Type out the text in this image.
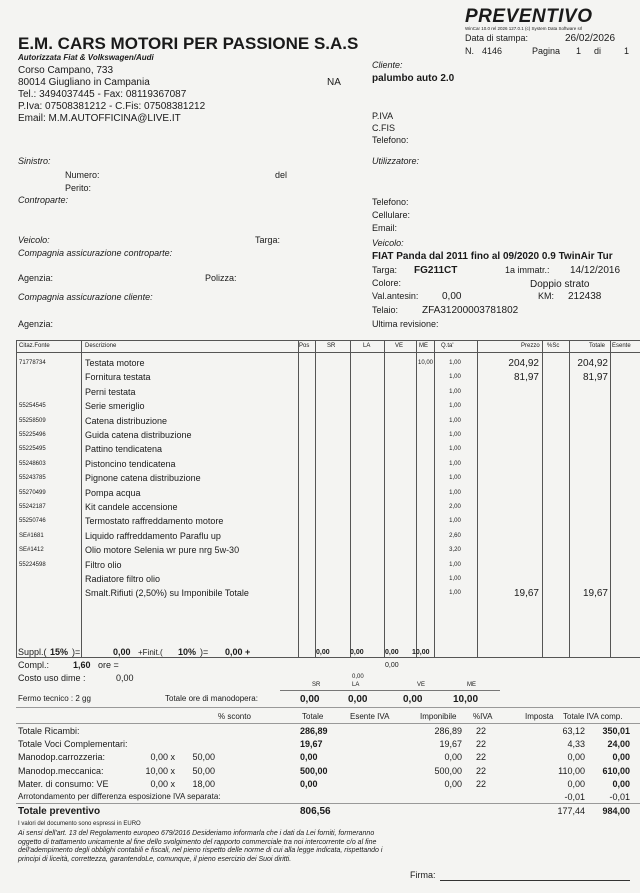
PREVENTIVO
WinCar 10.0 rel 2026 127.0.1 (c) System Data Software srl
Data di stampa:	26/02/2026
N. 4146	Pagina 1 di	1
E.M. CARS MOTORI PER PASSIONE S.A.S
Autorizzata Fiat & Volkswagen/Audi
Corso Campano, 733
80014 Giugliano in Campania	NA
Tel.: 3494037445 - Fax: 08119367087
P.Iva: 07508381212 - C.Fis: 07508381212
Email: M.M.AUTOFFICINA@LIVE.IT
Cliente:
palumbo auto 2.0
P.IVA
C.FIS
Telefono:
Sinistro:
Numero:	del
Perito:
Controparte:
Utilizzatore:
Telefono:
Cellulare:
Email:
Veicolo:	Targa:
Compagnia assicurazione controparte:
Agenzia:	Polizza:
Compagnia assicurazione cliente:
Agenzia:
Veicolo:
FIAT Panda dal 2011 fino al 09/2020 0.9 TwinAir Tur
Targa: FG211CT	1a immatr.: 14/12/2016
Colore:	Doppio strato
Val.antesin: 0,00	KM: 212438
Telaio: ZFA31200003781802
Ultima revisione:
Citaz.Fonte	Descrizione	Pos	SR	LA	VE	ME Q.ta'	Prezzo %Sc	Totale Esente
71778734	Testata motore	10,00	1,00	204,92	204,92
Fornitura testata	1,00	81,97	81,97
Perni testata	1,00
55254545	Serie smeriglio	1,00
55258509	Catena distribuzione	1,00
55225496	Guida catena distribuzione	1,00
55225495	Pattino tendicatena	1,00
55248603	Pistoncino tendicatena	1,00
55243785	Pignone catena distribuzione	1,00
55270499	Pompa acqua	1,00
55242187	Kit candele accensione	2,00
55250746	Termostato raffreddamento motore	1,00
SE#1681	Liquido raffreddamento Paraflu up	2,60
SE#1412	Olio motore Selenia wr pure nrg 5w-30	3,20
55224598	Filtro olio	1,00
Radiatore filtro olio	1,00
Smalt.Rifiuti (2,50%) su Imponibile Totale	1,00	19,67	19,67
Suppl.( 15% )=	0,00 +Finit.( 10% )= 0,00 +	0,00	0,00	0,00 10,00
Compl.:	1,60 ore =	0,00
Costo uso dime :	0,00	0,00
SR	LA	VE	ME
Fermo tecnico : 2 gg	Totale ore di manodopera:	0,00	0,00	0,00	10,00
% sconto	Totale	Esente IVA	Imponibile %IVA	Imposta Totale IVA comp.
Totale Ricambi:	286,89	286,89 22	63,12	350,01
Totale Voci Complementari:	19,67	19,67 22	4,33	24,00
Manodop.carrozzeria:	0,00 x	50,00	0,00	0,00 22	0,00	0,00
Manodop.meccanica:	10,00 x	50,00	500,00	500,00 22	110,00	610,00
Mater. di consumo: VE	0,00 x	18,00	0,00	0,00 22	0,00	0,00
Arrotondamento per differenza esposizione IVA separata:	-0,01	-0,01
Totale preventivo	806,56	177,44	984,00
I valori del documento sono espressi in EURO
Ai sensi dell'art. 13 del Regolamento europeo 679/2016 Desideriamo informarla che i dati da Lei forniti, formeranno oggetto di trattamento unicamente al fine dello svolgimento del rapporto commerciale tra noi intercorrente c/o al fine dell'adempimento degli obblighi contabili e fiscali, nel pieno rispetto delle norme di cui alla legge indicata, rispettando i principi di liceità, correttezza, garantendoLe, comunque, il pieno esercizio dei Suoi diritti.
Firma:
